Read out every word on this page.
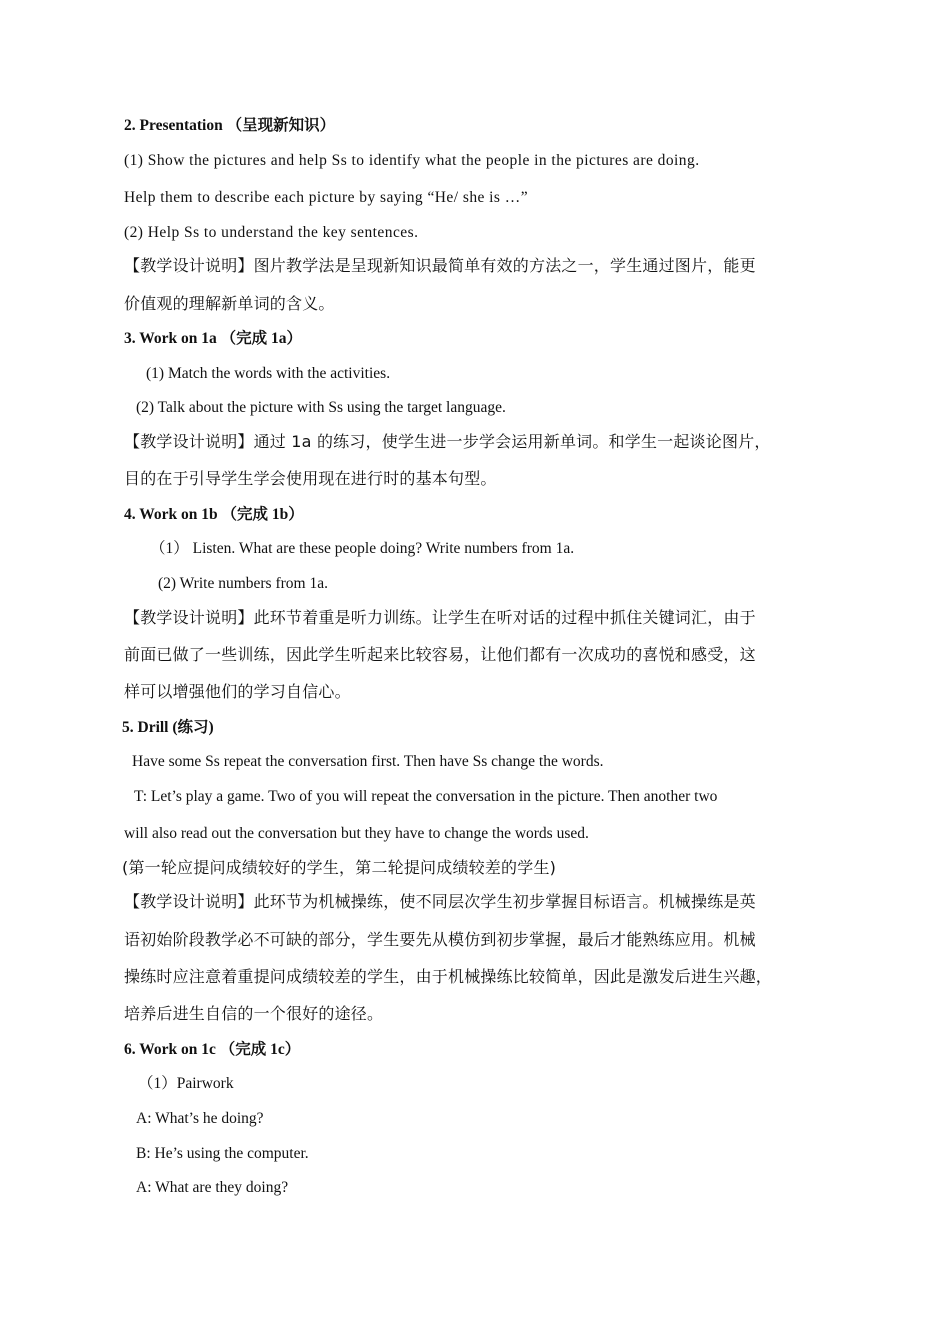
2. Presentation （呈现新知识）
(1) Show the pictures and help Ss to identify what the people in the pictures are doing.
Help them to describe each picture by saying “He/ she is …”
(2) Help Ss to understand the key sentences.
【教学设计说明】图片教学法是呈现新知识最简单有效的方法之一，学生通过图片，能更
价值观的理解新单词的含义。
3. Work on 1a （完成 1a）
(1) Match the words with the activities.
(2) Talk about the picture with Ss using the target language.
【教学设计说明】通过 1a 的练习，使学生进一步学会运用新单词。和学生一起谈论图片，
目的在于引导学生学会使用现在进行时的基本句型。
4. Work on 1b （完成 1b）
（1） Listen. What are these people doing? Write numbers from 1a.
(2) Write numbers from 1a.
【教学设计说明】此环节着重是听力训练。让学生在听对话的过程中抓住关键词汇，由于
前面已做了一些训练，因此学生听起来比较容易，让他们都有一次成功的喜悦和感受，这
样可以增强他们的学习自信心。
5. Drill (练习)
Have some Ss repeat the conversation first. Then have Ss change the words.
T: Let’s play a game. Two of you will repeat the conversation in the picture. Then another two
will also read out the conversation but they have to change the words used.
(第一轮应提问成绩较好的学生，第二轮提问成绩较差的学生)
【教学设计说明】此环节为机械操练，使不同层次学生初步掌握目标语言。机械操练是英
语初始阶段教学必不可缺的部分，学生要先从模仿到初步掌握，最后才能熟练应用。机械
操练时应注意着重提问成绩较差的学生，由于机械操练比较简单，因此是激发后进生兴趣，
培养后进生自信的一个很好的途径。
6. Work on 1c （完成 1c）
（1）Pairwork
A: What’s he doing?
B: He’s using the computer.
A: What are they doing?
